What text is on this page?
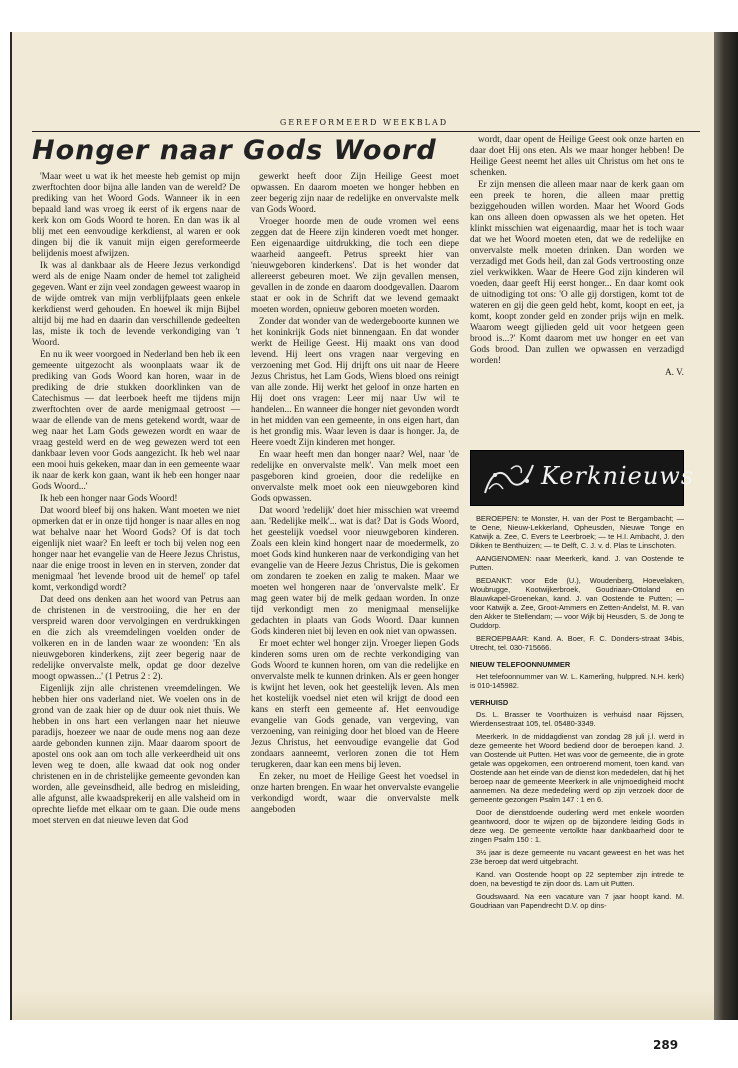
GEREFORMEERD WEEKBLAD
Honger naar Gods Woord

'Maar weet u wat ik het meeste heb gemist op mijn zwerftochten door bijna alle landen van de wereld? De prediking van het Woord Gods. Wanneer ik in een bepaald land was vroeg ik eerst of ik ergens naar de kerk kon om Gods Woord te horen. En dan was ik al blij met een eenvoudige kerkdienst, al waren er ook dingen bij die ik vanuit mijn eigen gereformeerde belijdenis moest afwijzen.

Ik was al dankbaar als de Heere Jezus verkondigd werd als de enige Naam onder de hemel tot zaligheid gegeven. Want er zijn veel zondagen geweest waarop in de wijde omtrek van mijn verblijfplaats geen enkele kerkdienst werd gehouden. En hoewel ik mijn Bijbel altijd bij me had en daarin dan verschillende gedeelten las, miste ik toch de levende verkondiging van 't Woord.

En nu ik weer voorgoed in Nederland ben heb ik een gemeente uitgezocht als woonplaats waar ik de prediking van Gods Woord kan horen, waar in de prediking de drie stukken doorklinken van de Catechismus — dat leerboek heeft me tijdens mijn zwerftochten over de aarde menigmaal getroost — waar de ellende van de mens getekend wordt, waar de weg naar het Lam Gods gewezen wordt en waar de vraag gesteld werd en de weg gewezen werd tot een dankbaar leven voor Gods aangezicht. Ik heb wel naar een mooi huis gekeken, maar dan in een gemeente waar ik naar de kerk kon gaan, want ik heb een honger naar Gods Woord...'

Ik heb een honger naar Gods Woord!

Dat woord bleef bij ons haken. Want moeten we niet opmerken dat er in onze tijd honger is naar alles en nog wat behalve naar het Woord Gods? Of is dat toch eigenlijk niet waar? En leeft er toch bij velen nog een honger naar het evangelie van de Heere Jezus Christus, naar die enige troost in leven en in sterven, zonder dat menigmaal 'het levende brood uit de hemel' op tafel komt, verkondigd wordt?

Dat deed ons denken aan het woord van Petrus aan de christenen in de verstrooiing, die her en der verspreid waren door vervolgingen en verdrukkingen en die zich als vreemdelingen voelden onder de volkeren en in de landen waar ze woonden: 'En als nieuwgeboren kinderkens, zijt zeer begerig naar de redelijke onvervalste melk, opdat ge door dezelve moogt opwassen...' (1 Petrus 2 : 2).

Eigenlijk zijn alle christenen vreemdelingen. We hebben hier ons vaderland niet. We voelen ons in de grond van de zaak hier op de duur ook niet thuis. We hebben in ons hart een verlangen naar het nieuwe paradijs, hoezeer we naar de oude mens nog aan deze aarde gebonden kunnen zijn. Maar daarom spoort de apostel ons ook aan om toch alle verkeerdheid uit ons leven weg te doen, alle kwaad dat ook nog onder christenen en in de christelijke gemeente gevonden kan worden, alle geveinsdheid, alle bedrog en misleiding, alle afgunst, alle kwaadsprekerij en alle valsheid om in oprechte liefde met elkaar om te gaan. Die oude mens moet sterven en dat nieuwe leven dat God

gewerkt heeft door Zijn Heilige Geest moet opwassen. En daarom moeten we honger hebben en zeer begerig zijn naar de redelijke en onvervalste melk van Gods Woord.

Vroeger hoorde men de oude vromen wel eens zeggen dat de Heere zijn kinderen voedt met honger. Een eigenaardige uitdrukking, die toch een diepe waarheid aangeeft. Petrus spreekt hier van 'nieuwgeboren kinderkens'. Dat is het wonder dat allereerst gebeuren moet. We zijn gevallen mensen, gevallen in de zonde en daarom doodgevallen. Daarom staat er ook in de Schrift dat we levend gemaakt moeten worden, opnieuw geboren moeten worden.

Zonder dat wonder van de wedergeboorte kunnen we het koninkrijk Gods niet binnengaan. En dat wonder werkt de Heilige Geest. Hij maakt ons van dood levend. Hij leert ons vragen naar vergeving en verzoening met God. Hij drijft ons uit naar de Heere Jezus Christus, het Lam Gods, Wiens bloed ons reinigt van alle zonde. Hij werkt het geloof in onze harten en Hij doet ons vragen: Leer mij naar Uw wil te handelen... En wanneer die honger niet gevonden wordt in het midden van een gemeente, in ons eigen hart, dan is het grondig mis. Waar leven is daar is honger. Ja, de Heere voedt Zijn kinderen met honger.

En waar heeft men dan honger naar? Wel, naar 'de redelijke en onvervalste melk'. Van melk moet een pasgeboren kind groeien, door die redelijke en onvervalste melk moet ook een nieuwgeboren kind Gods opwassen.

Dat woord 'redelijk' doet hier misschien wat vreemd aan. 'Redelijke melk'... wat is dat? Dat is Gods Woord, het geestelijk voedsel voor nieuwgeboren kinderen. Zoals een klein kind hongert naar de moedermelk, zo moet Gods kind hunkeren naar de verkondiging van het evangelie van de Heere Jezus Christus, Die is gekomen om zondaren te zoeken en zalig te maken. Maar we moeten wel hongeren naar de 'onvervalste melk'. Er mag geen water bij de melk gedaan worden. In onze tijd verkondigt men zo menigmaal menselijke gedachten in plaats van Gods Woord. Daar kunnen Gods kinderen niet bij leven en ook niet van opwassen.

Er moet echter wel honger zijn. Vroeger liepen Gods kinderen soms uren om de rechte verkondiging van Gods Woord te kunnen horen, om van die redelijke en onvervalste melk te kunnen drinken. Als er geen honger is kwijnt het leven, ook het geestelijk leven. Als men het kostelijk voedsel niet eten wil krijgt de dood een kans en sterft een gemeente af. Het eenvoudige evangelie van Gods genade, van vergeving, van verzoening, van reiniging door het bloed van de Heere Jezus Christus, het eenvoudige evangelie dat God zondaars aanneemt, verloren zonen die tot Hem terugkeren, daar kan een mens bij leven.

En zeker, nu moet de Heilige Geest het voedsel in onze harten brengen. En waar het onvervalste evangelie verkondigd wordt, waar die onvervalste melk aangeboden

wordt, daar opent de Heilige Geest ook onze harten en daar doet Hij ons eten. Als we maar honger hebben! De Heilige Geest neemt het alles uit Christus om het ons te schenken.

Er zijn mensen die alleen maar naar de kerk gaan om een preek te horen, die alleen maar prettig beziggehouden willen worden. Maar het Woord Gods kan ons alleen doen opwassen als we het opeten. Het klinkt misschien wat eigenaardig, maar het is toch waar dat we het Woord moeten eten, dat we de redelijke en onvervalste melk moeten drinken. Dan worden we verzadigd met Gods heil, dan zal Gods vertroosting onze ziel verkwikken. Waar de Heere God zijn kinderen wil voeden, daar geeft Hij eerst honger... En daar komt ook de uitnodiging tot ons: 'O alle gij dorstigen, komt tot de wateren en gij die geen geld hebt, komt, koopt en eet, ja komt, koopt zonder geld en zonder prijs wijn en melk. Waarom weegt gijlieden geld uit voor hetgeen geen brood is...?' Komt daarom met uw honger en eet van Gods brood. Dan zullen we opwassen en verzadigd worden!

A. V.
Kerknieuws

BEROEPEN: te Monster, H. van der Post te Bergambacht; — te Oene, Nieuw-Lekkerland, Opheusden, Nieuwe Tonge en Katwijk a. Zee, C. Evers te Leerbroek; — te H.I. Ambacht, J. den Dikken te Benthuizen; — te Delft, C. J. v. d. Plas te Linschoten.

AANGENOMEN: naar Meerkerk, kand. J. van Oostende te Putten.

BEDANKT: voor Ede (U.), Woudenberg, Hoevelaken, Woubrugge, Kootwijkerbroek, Goudriaan-Ottoland en Blauwkapel-Groenekan, kand. J. van Oostende te Putten; — voor Katwijk a. Zee, Groot-Ammers en Zetten-Andelst, M. R. van den Akker te Stellendam; — voor Wijk bij Heusden, S. de Jong te Ouddorp.

BEROEPBAAR: Kand. A. Boer, F. C. Donders-straat 34bis, Utrecht, tel. 030-715666.

NIEUW TELEFOONNUMMER

Het telefoonnummer van W. L. Kamerling, hulppred. N.H. kerk) is 010-145982.

VERHUISD

Ds. L. Brasser te Voorthuizen is verhuisd naar Rijssen, Wierdensestraat 105, tel. 05480-3349.

Meerkerk. In de middagdienst van zondag 28 juli j.l. werd in deze gemeente het Woord bediend door de beroepen kand. J. van Oostende uit Putten. Het was voor de gemeente, die in grote getale was opgekomen, een ontroerend moment, toen kand. van Oostende aan het einde van de dienst kon mededelen, dat hij het beroep naar de gemeente Meerkerk in alle vrijmoedigheid mocht aannemen. Na deze mededeling werd op zijn verzoek door de gemeente gezongen Psalm 147 : 1 en 6.

Door de dienstdoende ouderling werd met enkele woorden geantwoord, door te wijzen op de bijzondere leiding Gods in deze weg. De gemeente vertolkte haar dankbaarheid door te zingen Psalm 150 : 1.

3½ jaar is deze gemeente nu vacant geweest en het was het 23e beroep dat werd uitgebracht.

Kand. van Oostende hoopt op 22 september zijn intrede te doen, na bevestigd te zijn door ds. Lam uit Putten.

Goudswaard. Na een vacature van 7 jaar hoopt kand. M. Goudriaan van Papendrecht D.V. op dins-

289
